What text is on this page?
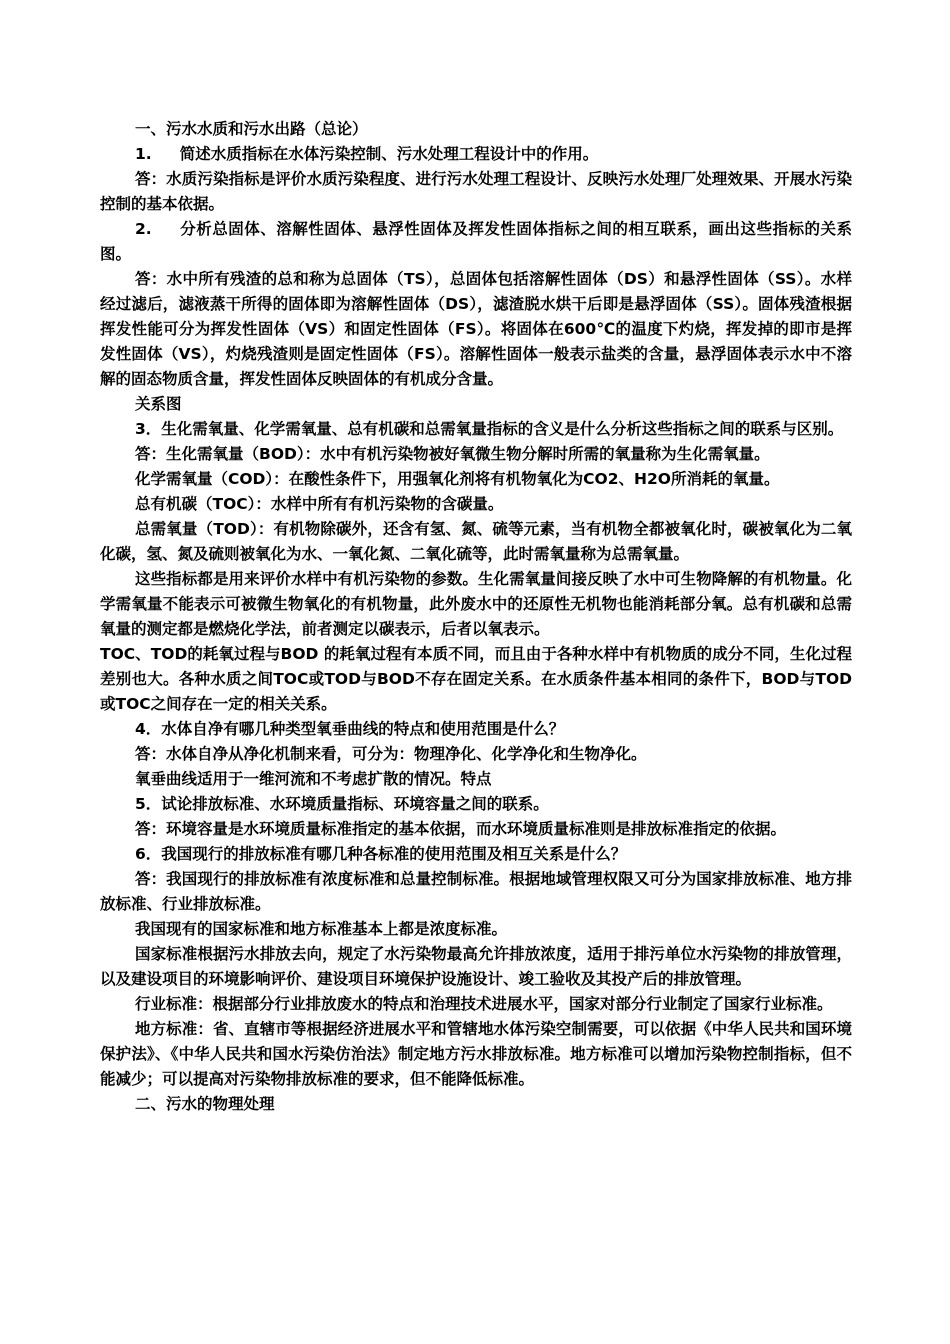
一、污水水质和污水出路（总论）

1. 简述水质指标在水体污染控制、污水处理工程设计中的作用。

答：水质污染指标是评价水质污染程度、进行污水处理工程设计、反映污水处理厂处理效果、开展水污染控制的基本依据。

2. 分析总固体、溶解性固体、悬浮性固体及挥发性固体指标之间的相互联系，画出这些指标的关系图。

答：水中所有残渣的总和称为总固体（TS），总固体包括溶解性固体（DS）和悬浮性固体（SS）。水样经过滤后，滤液蒸干所得的固体即为溶解性固体（DS），滤渣脱水烘干后即是悬浮固体（SS）。固体残渣根据挥发性能可分为挥发性固体（VS）和固定性固体（FS）。将固体在600℃的温度下灼烧，挥发掉的即市是挥发性固体（VS），灼烧残渣则是固定性固体（FS）。溶解性固体一般表示盐类的含量，悬浮固体表示水中不溶解的固态物质含量，挥发性固体反映固体的有机成分含量。

关系图

3．生化需氧量、化学需氧量、总有机碳和总需氧量指标的含义是什么分析这些指标之间的联系与区别。

答：生化需氧量（BOD）：水中有机污染物被好氧微生物分解时所需的氧量称为生化需氧量。

化学需氧量（COD）：在酸性条件下，用强氧化剂将有机物氧化为CO2、H2O所消耗的氧量。

总有机碳（TOC）：水样中所有有机污染物的含碳量。

总需氧量（TOD）：有机物除碳外，还含有氢、氮、硫等元素，当有机物全都被氧化时，碳被氧化为二氧化碳，氢、氮及硫则被氧化为水、一氧化氮、二氧化硫等，此时需氧量称为总需氧量。

这些指标都是用来评价水样中有机污染物的参数。生化需氧量间接反映了水中可生物降解的有机物量。化学需氧量不能表示可被微生物氧化的有机物量，此外废水中的还原性无机物也能消耗部分氧。总有机碳和总需氧量的测定都是燃烧化学法，前者测定以碳表示，后者以氧表示。

TOC、TOD的耗氧过程与BOD 的耗氧过程有本质不同，而且由于各种水样中有机物质的成分不同，生化过程差别也大。各种水质之间TOC或TOD与BOD不存在固定关系。在水质条件基本相同的条件下，BOD与TOD或TOC之间存在一定的相关关系。

4．水体自净有哪几种类型氧垂曲线的特点和使用范围是什么？

答：水体自净从净化机制来看，可分为：物理净化、化学净化和生物净化。

氧垂曲线适用于一维河流和不考虑扩散的情况。特点

5．试论排放标准、水环境质量指标、环境容量之间的联系。

答：环境容量是水环境质量标准指定的基本依据，而水环境质量标准则是排放标准指定的依据。

6．我国现行的排放标准有哪几种各标准的使用范围及相互关系是什么？

答：我国现行的排放标准有浓度标准和总量控制标准。根据地域管理权限又可分为国家排放标准、地方排放标准、行业排放标准。

我国现有的国家标准和地方标准基本上都是浓度标准。

国家标准根据污水排放去向，规定了水污染物最高允许排放浓度，适用于排污单位水污染物的排放管理，以及建设项目的环境影响评价、建设项目环境保护设施设计、竣工验收及其投产后的排放管理。

行业标准：根据部分行业排放废水的特点和治理技术进展水平，国家对部分行业制定了国家行业标准。

地方标准：省、直辖市等根据经济进展水平和管辖地水体污染空制需要，可以依据《中华人民共和国环境保护法》、《中华人民共和国水污染仿治法》制定地方污水排放标准。地方标准可以增加污染物控制指标，但不能减少；可以提高对污染物排放标准的要求，但不能降低标准。

二、污水的物理处理
